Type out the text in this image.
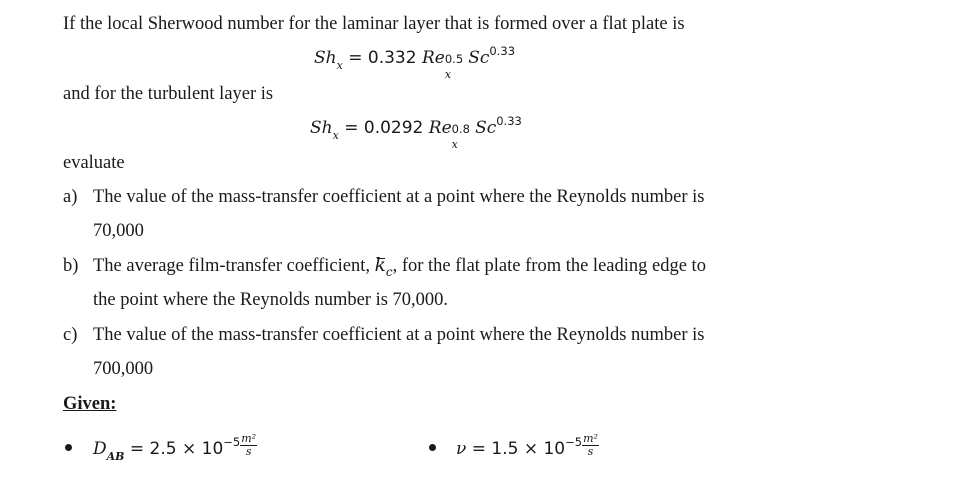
If the local Sherwood number for the laminar layer that is formed over a flat plate is
$Sh_x = 0.332$ Re 0.5
x
$Sc^{0.33}$
and for the turbulent layer is
$Sh_x = 0.0292$ Re 0.8
x
$Sc^{0.33}$
evaluate
a) The value of the mass-transfer coefficient at a point where the Reynolds number is
70,000
b) The average film-transfer coefficient, $k_c$, for the flat plate from the leading edge to
the point where the Reynolds number is 70,000.
c) The value of the mass-transfer coefficient at a point where the Reynolds number is
700,000
Given:
$D_{AB} = 2.5 \times 10^{-5} \frac{\text{m²}}{s}$	$\nu = 1.5 \times 10^{-5} \frac{\text{m²}}{s}$
